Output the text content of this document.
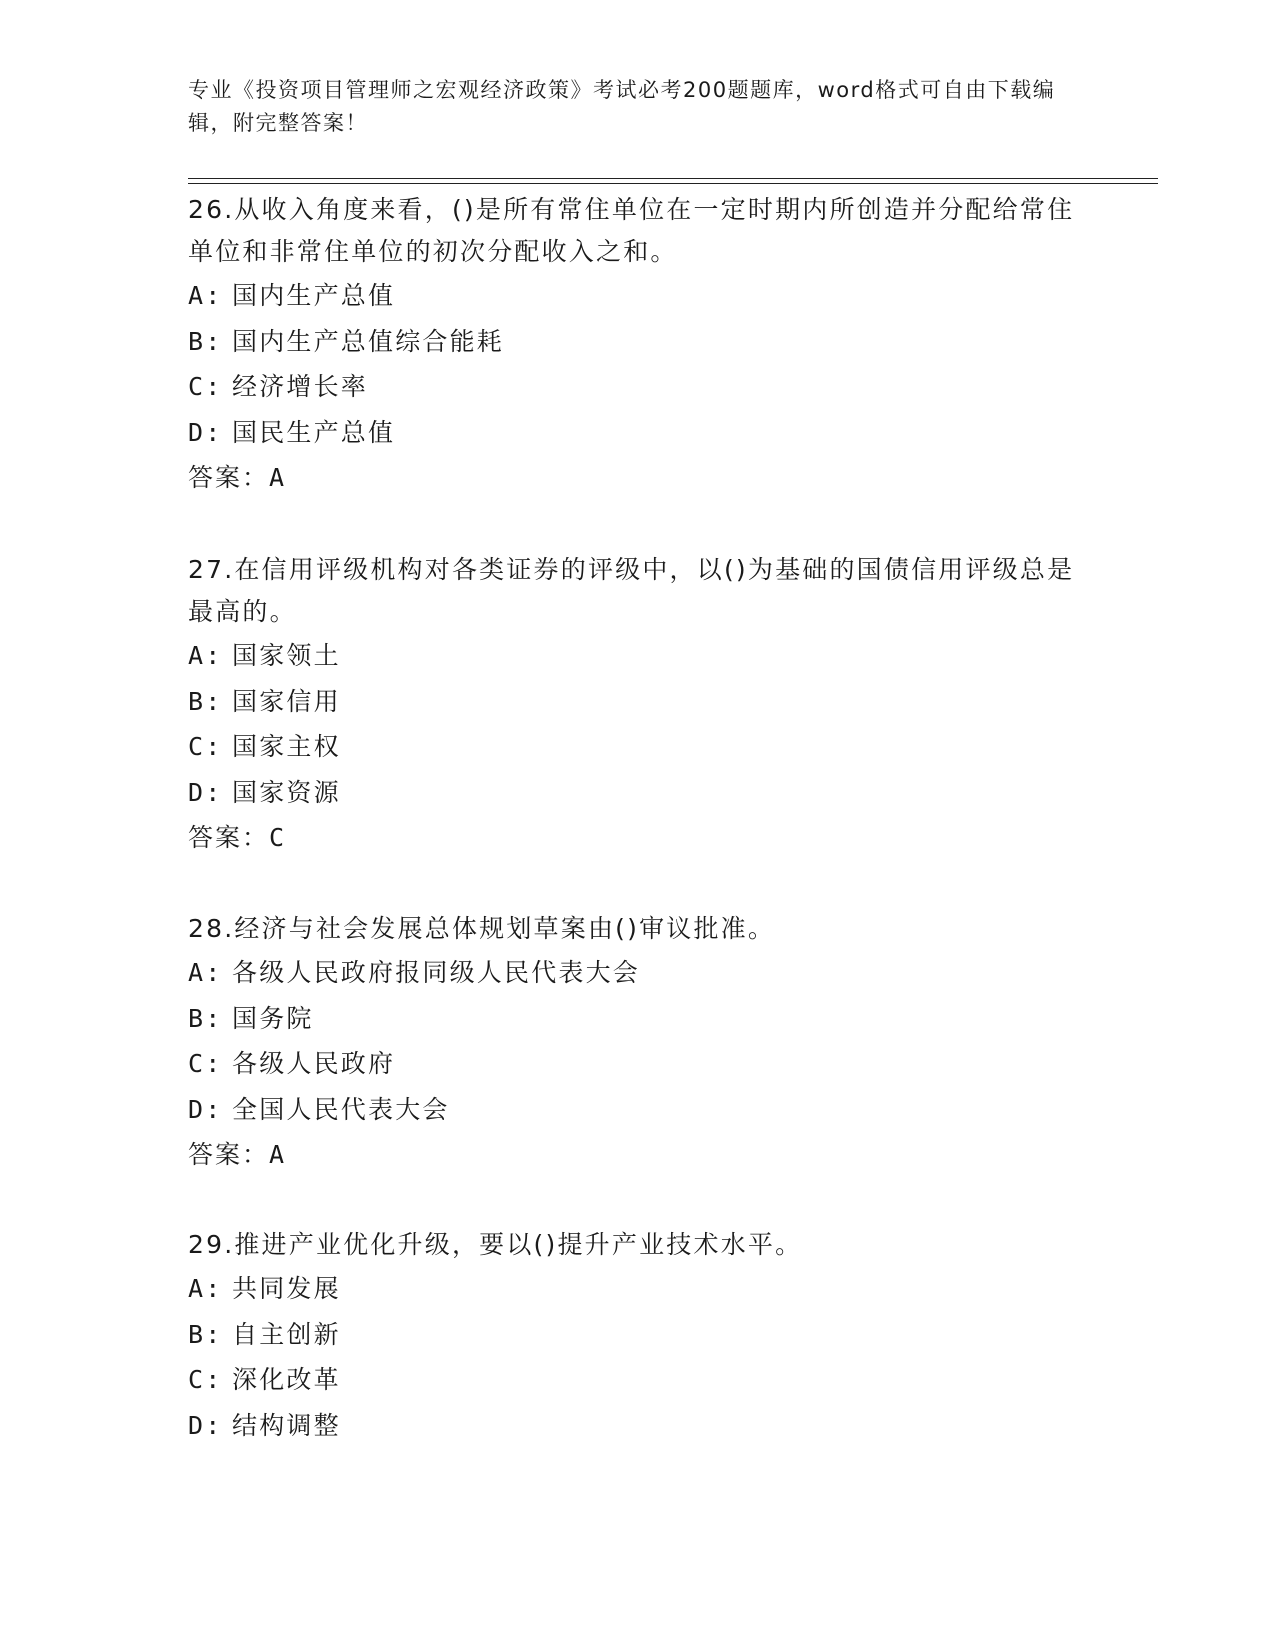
专业《投资项目管理师之宏观经济政策》考试必考200题题库，word格式可自由下载编辑，附完整答案！
26.从收入角度来看，()是所有常住单位在一定时期内所创造并分配给常住单位和非常住单位的初次分配收入之和。
A: 国内生产总值
B: 国内生产总值综合能耗
C: 经济增长率
D: 国民生产总值
答案：A
27.在信用评级机构对各类证券的评级中，以()为基础的国债信用评级总是最高的。
A: 国家领土
B: 国家信用
C: 国家主权
D: 国家资源
答案：C
28.经济与社会发展总体规划草案由()审议批准。
A: 各级人民政府报同级人民代表大会
B: 国务院
C: 各级人民政府
D: 全国人民代表大会
答案：A
29.推进产业优化升级，要以()提升产业技术水平。
A: 共同发展
B: 自主创新
C: 深化改革
D: 结构调整
